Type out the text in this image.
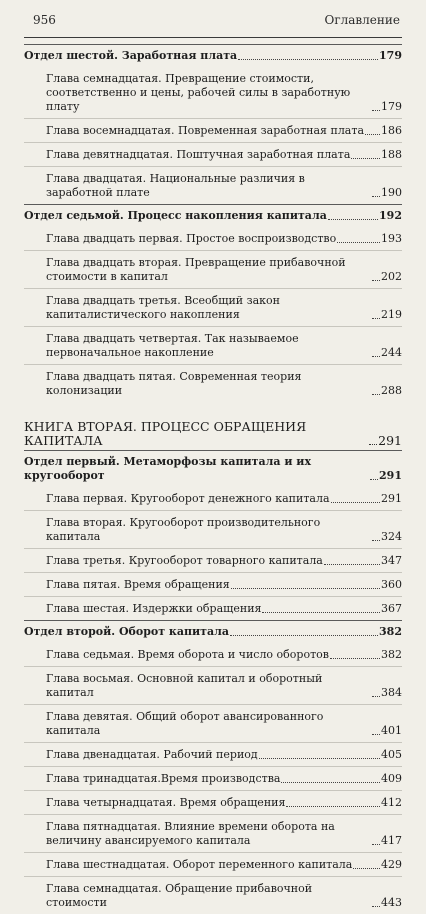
956	Оглавление
Отдел шестой. Заработная плата	179
Глава семнадцатая. Превращение стоимости, соответственно и цены, рабочей силы в заработную плату	179
Глава восемнадцатая. Повременная заработная плата 186
Глава девятнадцатая. Поштучная заработная плата	188
Глава двадцатая. Национальные различия в заработной плате	190
Отдел седьмой. Процесс накопления капитала	192
Глава двадцать первая. Простое воспроизводство	193
Глава двадцать вторая. Превращение прибавочной стоимости в капитал	202
Глава двадцать третья. Всеобщий закон капиталистического накопления	219
Глава двадцать четвертая. Так называемое первоначальное накопление	244
Глава двадцать пятая. Современная теория колонизации	288
КНИГА ВТОРАЯ. ПРОЦЕСС ОБРАЩЕНИЯ КАПИТАЛА	291
Отдел первый. Метаморфозы капитала и их кругооборот	291
Глава первая. Кругооборот денежного капитала	291
Глава вторая. Кругооборот производительного капитала	324
Глава третья. Кругооборот товарного капитала	347
Глава пятая. Время обращения	360
Глава шестая. Издержки обращения	367
Отдел второй. Оборот капитала	382
Глава седьмая. Время оборота и число оборотов	382
Глава восьмая. Основной капитал и оборотный капитал	384
Глава девятая. Общий оборот авансированного капитала	401
Глава двенадцатая. Рабочий период	405
Глава тринадцатая.Время производства	409
Глава четырнадцатая. Время обращения	412
Глава пятнадцатая. Влияние времени оборота на величину авансируемого капитала	417
Глава шестнадцатая. Оборот переменного капитала	429
Глава семнадцатая. Обращение прибавочной стоимости	443
